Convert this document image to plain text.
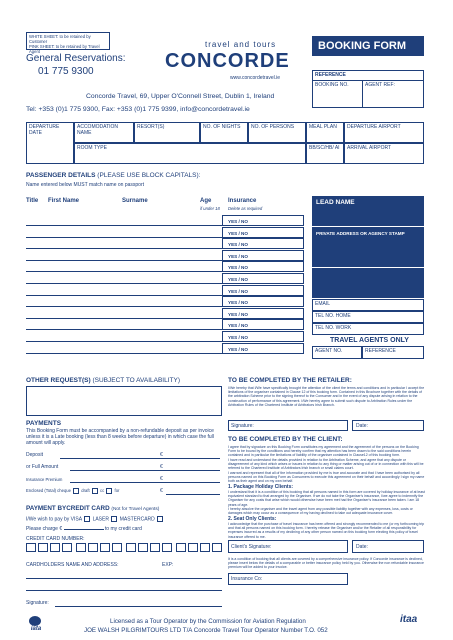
WHITE SHEET: to be retained by Customer
PINK SHEET: to be retained by Travel Agent
General Reservations:
01 775 9300
travel and tours
CONCORDE
www.concordetravel.ie
BOOKING FORM
Concorde Travel, 69, Upper O'Connell Street, Dublin 1, Ireland
Tel: +353 (0)1 775 9300, Fax: +353 (0)1 775 9399, info@concordetravel.ie
REFERENCE
BOOKING NO.	AGENT REF:
DEPARTURE DATE
ACCOMODATION NAME
RESORT(S)	NO. OF NIGHTS	NO. OF PERSONS	MEAL PLAN	DEPARTURE AIRPORT
ROOM TYPE	BB/SC/HB/ AI	ARRIVAL AIRPORT
PASSENGER DETAILS (PLEASE USE BLOCK CAPITALS):
Name entered below MUST match name on passport
Title First Name	Surname	Age
if under 18
Insurance
Delete as required
YES / NO
YES / NO
YES / NO
YES / NO
YES / NO
YES / NO
YES / NO
YES / NO
YES / NO
YES / NO
YES / NO
YES / NO
LEAD NAME
PRIVATE ADDRESS OR AGENCY STAMP
EMAIL
TEL NO. HOME
TEL NO. WORK
TRAVEL AGENTS ONLY
AGENT NO.	REFERENCE
OTHER REQUEST(S) (SUBJECT TO AVAILABILITY)	TO BE COMPLETED BY THE RETAILER:
I/We hereby that I/We have specifically brought the attention of the client the terms and conditions and in particular I accept the limitations of the organiser contained in Clause 12 of this booking form. Contained in this Brochure together with the details of the arbitration Scheme prior to the signing thereof to the Consumer and in the event of any dispute arising in relation to the construction of performance of this agreement. I/We hereby agree to submit such dispute to Arbitration Rules under the Arbitration Rules of the Chartered Institute of Arbitrators Irish Branch.
Signature:	Date:
TO BE COMPLETED BY THE CLIENT:
I agree that by signature on this Booking Form constitutes my agreement and the agreement of the persons on the Booking Form to be bound by the conditions and hereby confirm that my attention has been drawn to the said conditions herein contained and in particular the limitations of liability of the organiser contained in Clause12 of this booking form.
I have read and understand the details provided in relation to the Arbitration Scheme, and agree that any dispute or disagreement of any kind which arises or issues in relation to any thing or matter arising out of or in connection with this will be referred to the Chartered Institute of Arbitrators Irish branch or small claims court.
I warrant and represent that all of the information provided by me is true and accurate and that I have been authorised by all persons named on this Booking Form as Consumers to execute this agreement on their behalf and accordingly I sign my name both as their agent and on my own behalf.
1. Package Holiday Clients:
I understand that it is a condition of this booking that all persons named in this form are covered by holiday insurance of at least equivalent standard to that arranged by the Organiser. If we do not take the Organiser's insurance, I/we agree to indemnify the Organiser for any costs that arise which would otherwise have been met had the Organiser's insurance been taken. I am 18 years of age.
I hereby absolve the organiser and the travel agent from any possible liability together with any expenses, loss, costs or damages which may occur as a consequence of my having declined to take out adequate insurance cover.
2. Seat Only Clients:
I acknowledge that the purchase of travel insurance has been offered and strongly recommended to me (or my forthcoming trip and that all persons named on this booking form. I hereby release the Organiser and/or the Retailer of all responsibility for expenses incurred as a results of my declining of any other person named on this booking form electing this policy of travel insurance offered to me.
Client's Signature:	Date:
It is a condition of booking that all clients are covered by a comprehensive insurance policy. If Concorde insurance is declined, please insert below the details of a comparable or better insurance policy held by you. Otherwise the non refundable insurance premium will be added to your invoice.
Insurance Co:
PAYMENTS
This Booking Form must be accompanied by a non-refundable deposit as per invoice unless it is a Late booking (less than 8 weeks before departure) in which case the full amount will apply.
Deposit	€
or Full Amount	€
Insurance Premium	€
Enclosed (Total) cheque draft cc for	€
PAYMENT BYCREDIT CARD (Not for Travel Agents)
I/We wish to pay by VISA LASER MASTERCARD
Please charge €	to my credit card
CREDIT CARD NUMBER:
CARDHOLDERS NAME AND ADDRESS:	EXP:
Signature:
iata
Licensed as a Tour Operator by the Commission for Aviation Regulation
JOE WALSH PILGRIMTOURS LTD T/A Concorde Travel Tour Operator Number T.O. 052
itaa
